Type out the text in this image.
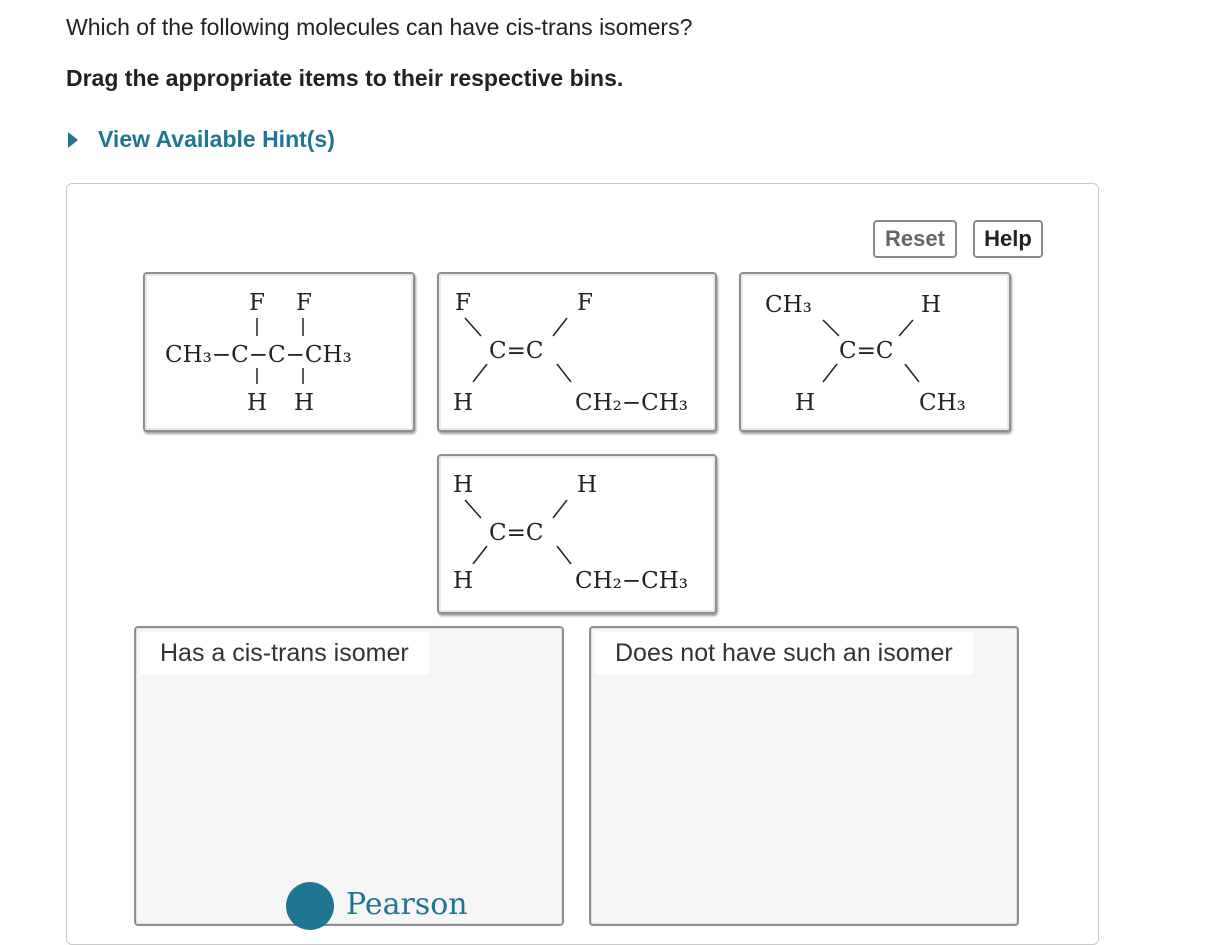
Which of the following molecules can have cis-trans isomers?
Drag the appropriate items to their respective bins.
View Available Hint(s)
Reset	Help
F F
CH₃−C−C−CH₃
H H
F	F
C=C
H	CH₂−CH₃
CH₃	H
C=C
H	CH₃
H	H
C=C
H	CH₂−CH₃
Has a cis-trans isomer	Does not have such an isomer
Pearson
